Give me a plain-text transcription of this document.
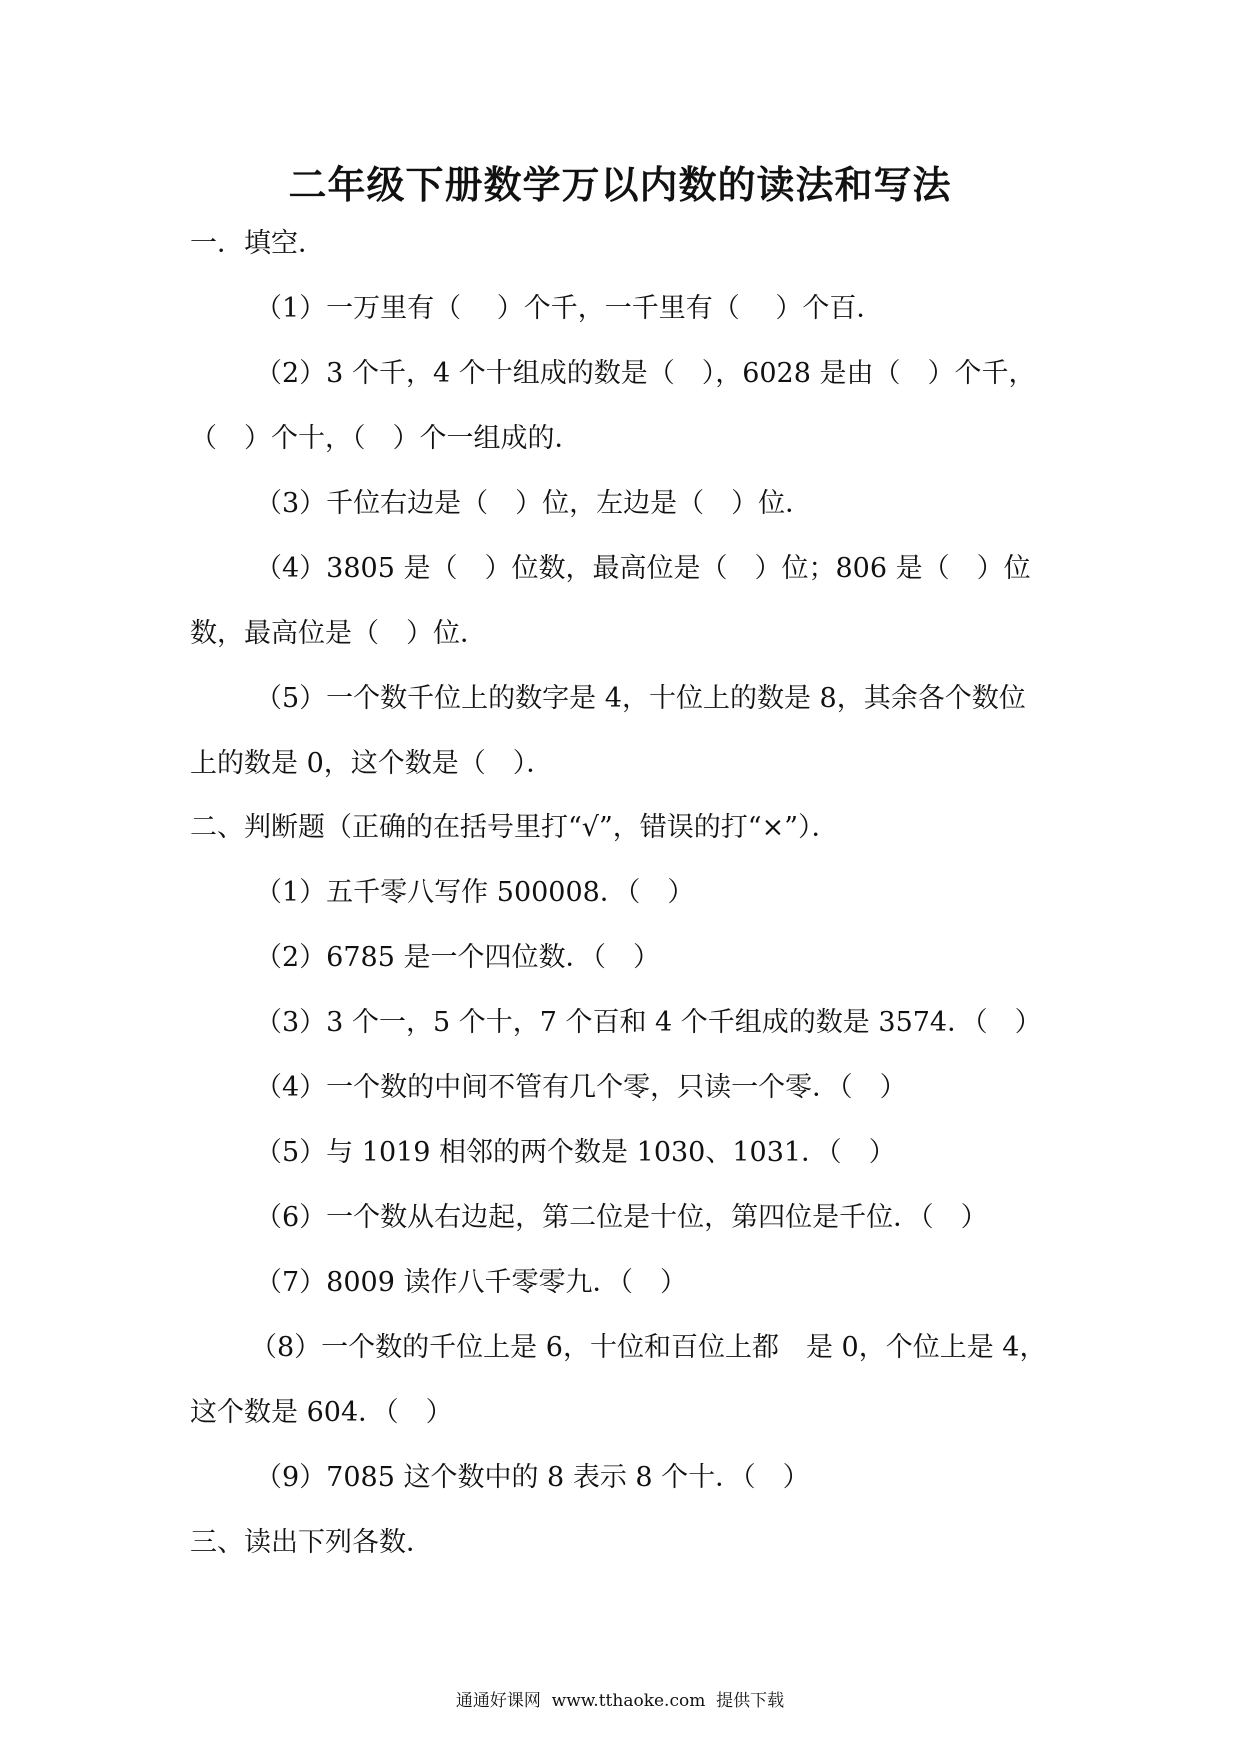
二年级下册数学万以内数的读法和写法
一．填空．
（1）一万里有（　 ）个千，一千里有（　 ）个百．
（2）3 个千，4 个十组成的数是（　），6028 是由（　）个千，
（　）个十，（　）个一组成的．
（3）千位右边是（　）位，左边是（　）位．
（4）3805 是（　）位数，最高位是（　）位；806 是（　）位
数，最高位是（　）位．
（5）一个数千位上的数字是 4，十位上的数是 8，其余各个数位
上的数是 0，这个数是（　）．
二、判断题（正确的在括号里打“√”，错误的打“×”）．
（1）五千零八写作 500008．（　）
（2）6785 是一个四位数．（　）
（3）3 个一，5 个十，7 个百和 4 个千组成的数是 3574．（　）
（4）一个数的中间不管有几个零，只读一个零．（　）
（5）与 1019 相邻的两个数是 1030、1031．（　）
（6）一个数从右边起，第二位是十位，第四位是千位．（　）
（7）8009 读作八千零零九．（　）
（8）一个数的千位上是 6，十位和百位上都　是 0，个位上是 4，
这个数是 604．（　）
（9）7085 这个数中的 8 表示 8 个十．（　）
三、读出下列各数．
通通好课网  www.tthaoke.com  提供下载
